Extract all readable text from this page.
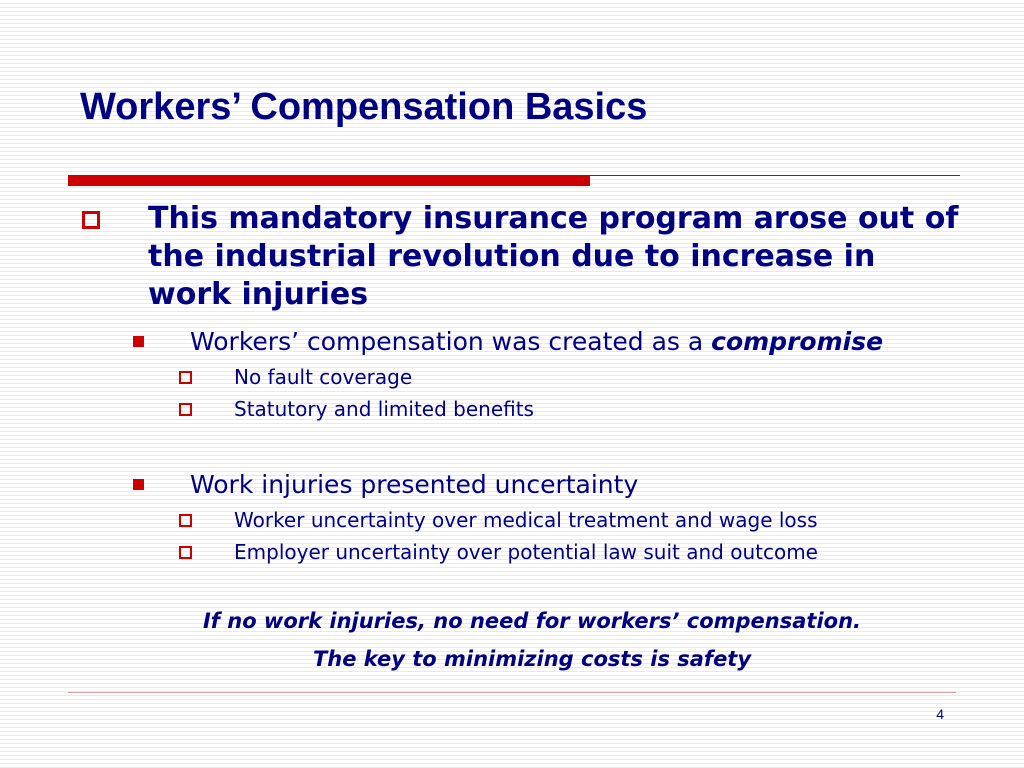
Workers’ Compensation Basics
This mandatory insurance program arose out of the industrial revolution due to increase in work injuries
Workers’ compensation was created as a compromise
No fault coverage
Statutory and limited benefits
Work injuries presented uncertainty
Worker uncertainty over medical treatment and wage loss
Employer uncertainty over potential law suit and outcome
If no work injuries, no need for workers’ compensation.
The key to minimizing costs is safety
4
